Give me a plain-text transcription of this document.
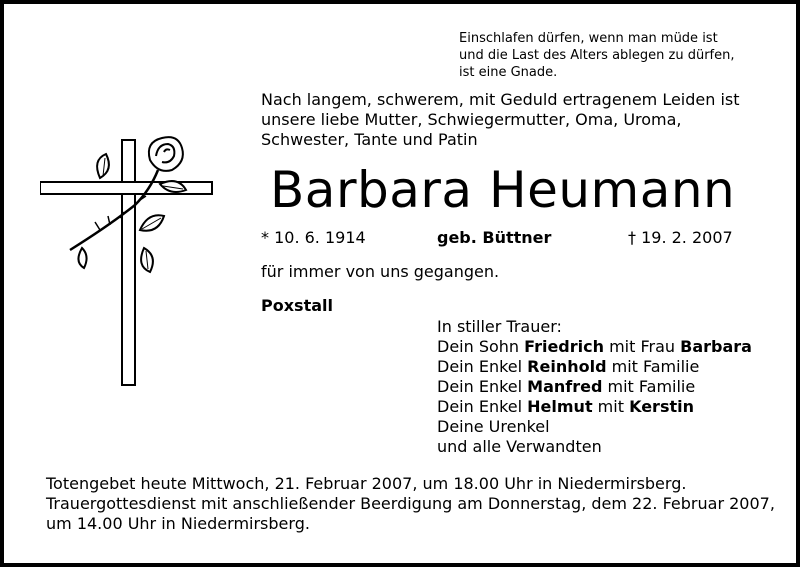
Einschlafen dürfen, wenn man müde ist
und die Last des Alters ablegen zu dürfen,
ist eine Gnade.
Nach langem, schwerem, mit Geduld ertragenem Leiden ist
unsere liebe Mutter, Schwiegermutter, Oma, Uroma,
Schwester, Tante und Patin
Barbara Heumann
* 10. 6. 1914	geb. Büttner	† 19. 2. 2007
für immer von uns gegangen.
Poxstall
In stiller Trauer:
Dein Sohn Friedrich mit Frau Barbara
Dein Enkel Reinhold mit Familie
Dein Enkel Manfred mit Familie
Dein Enkel Helmut mit Kerstin
Deine Urenkel
und alle Verwandten
Totengebet heute Mittwoch, 21. Februar 2007, um 18.00 Uhr in Niedermirsberg.
Trauergottesdienst mit anschließender Beerdigung am Donnerstag, dem 22. Februar 2007,
um 14.00 Uhr in Niedermirsberg.
